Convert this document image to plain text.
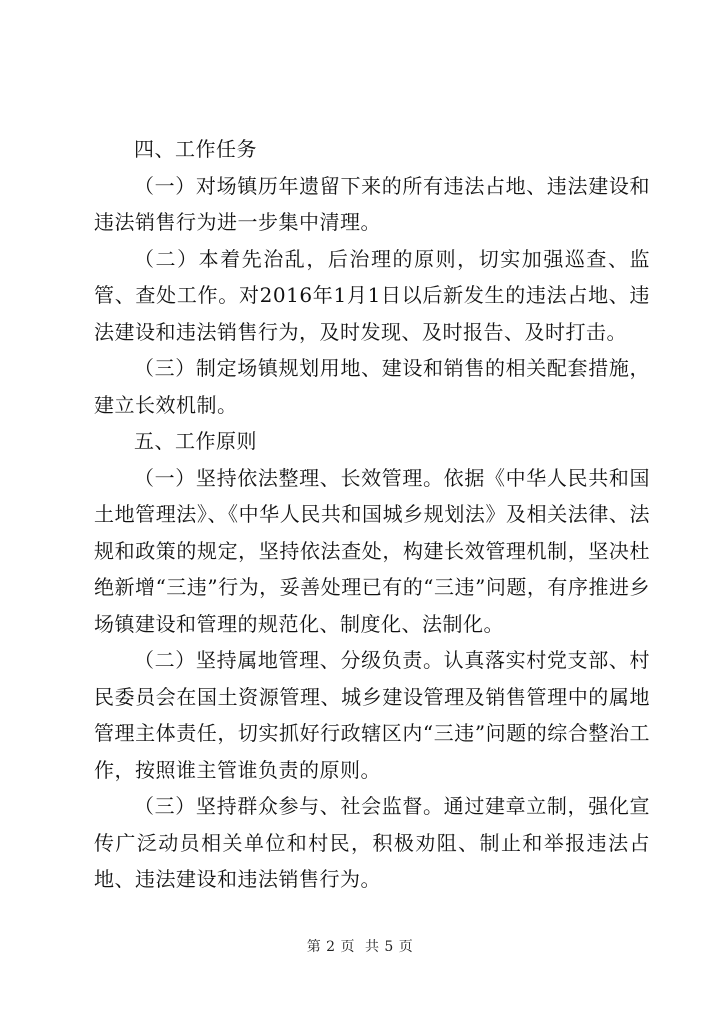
四、工作任务

（一）对场镇历年遗留下来的所有违法占地、违法建设和违法销售行为进一步集中清理。

（二）本着先治乱，后治理的原则，切实加强巡查、监管、查处工作。对2016年1月1日以后新发生的违法占地、违法建设和违法销售行为，及时发现、及时报告、及时打击。

（三）制定场镇规划用地、建设和销售的相关配套措施，建立长效机制。

五、工作原则

（一）坚持依法整理、长效管理。依据《中华人民共和国土地管理法》、《中华人民共和国城乡规划法》及相关法律、法规和政策的规定，坚持依法查处，构建长效管理机制，坚决杜绝新增“三违”行为，妥善处理已有的“三违”问题，有序推进乡场镇建设和管理的规范化、制度化、法制化。

（二）坚持属地管理、分级负责。认真落实村党支部、村民委员会在国土资源管理、城乡建设管理及销售管理中的属地管理主体责任，切实抓好行政辖区内“三违”问题的综合整治工作，按照谁主管谁负责的原则。

（三）坚持群众参与、社会监督。通过建章立制，强化宣传广泛动员相关单位和村民，积极劝阻、制止和举报违法占地、违法建设和违法销售行为。

第 2 页  共 5 页
